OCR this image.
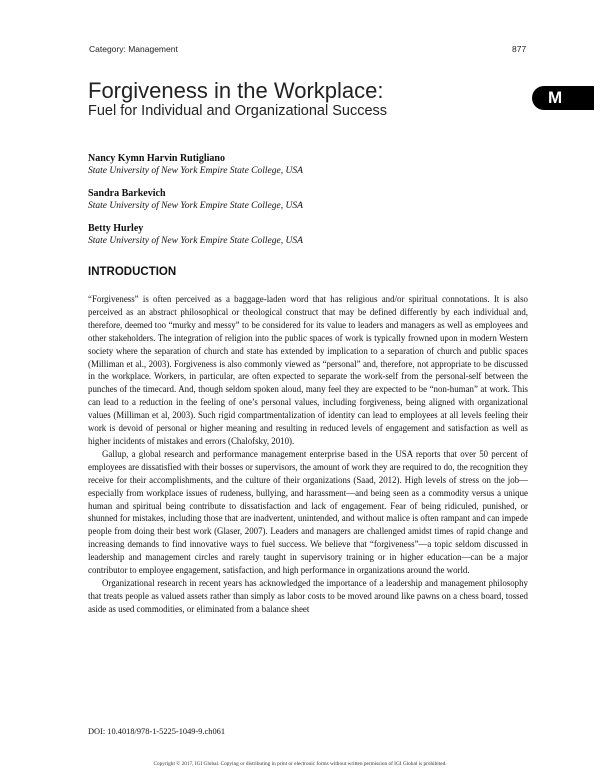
Category: Management	877
M
Forgiveness in the Workplace:
Fuel for Individual and Organizational Success
Nancy Kymn Harvin Rutigliano
State University of New York Empire State College, USA
Sandra Barkevich
State University of New York Empire State College, USA
Betty Hurley
State University of New York Empire State College, USA
INTRODUCTION

“Forgiveness” is often perceived as a baggage-laden word that has religious and/or spiritual connotations. It is also perceived as an abstract philosophical or theological construct that may be defined differently by each individual and, therefore, deemed too “murky and messy” to be considered for its value to leaders and managers as well as employees and other stakeholders. The integration of religion into the public spaces of work is typically frowned upon in modern Western society where the separation of church and state has extended by implication to a separation of church and public spaces (Milliman et al., 2003). Forgiveness is also commonly viewed as “personal” and, therefore, not appropriate to be discussed in the workplace. Workers, in particular, are often expected to separate the work-self from the personal-self between the punches of the timecard. And, though seldom spoken aloud, many feel they are expected to be “non-human” at work. This can lead to a reduction in the feeling of one’s personal values, including forgiveness, being aligned with organizational values (Milliman et al, 2003). Such rigid compartmentalization of identity can lead to employees at all levels feeling their work is devoid of personal or higher meaning and resulting in reduced levels of engagement and satisfaction as well as higher incidents of mistakes and errors (Chalofsky, 2010).

Gallup, a global research and performance management enterprise based in the USA reports that over 50 percent of employees are dissatisfied with their bosses or supervisors, the amount of work they are required to do, the recognition they receive for their accomplishments, and the culture of their organizations (Saad, 2012). High levels of stress on the job—especially from workplace issues of rudeness, bullying, and harassment—and being seen as a commodity versus a unique human and spiritual being contribute to dissatisfaction and lack of engagement. Fear of being ridiculed, punished, or shunned for mistakes, including those that are inadvertent, unintended, and without malice is often rampant and can impede people from doing their best work (Glaser, 2007). Leaders and managers are challenged amidst times of rapid change and increasing demands to find innovative ways to fuel success. We believe that “forgiveness”—a topic seldom discussed in leadership and management circles and rarely taught in supervisory training or in higher education—can be a major contributor to employee engagement, satisfaction, and high performance in organizations around the world.

Organizational research in recent years has acknowledged the importance of a leadership and management philosophy that treats people as valued assets rather than simply as labor costs to be moved around like pawns on a chess board, tossed aside as used commodities, or eliminated from a balance sheet

DOI: 10.4018/978-1-5225-1049-9.ch061
Copyright © 2017, IGI Global. Copying or distributing in print or electronic forms without written permission of IGI Global is prohibited.
